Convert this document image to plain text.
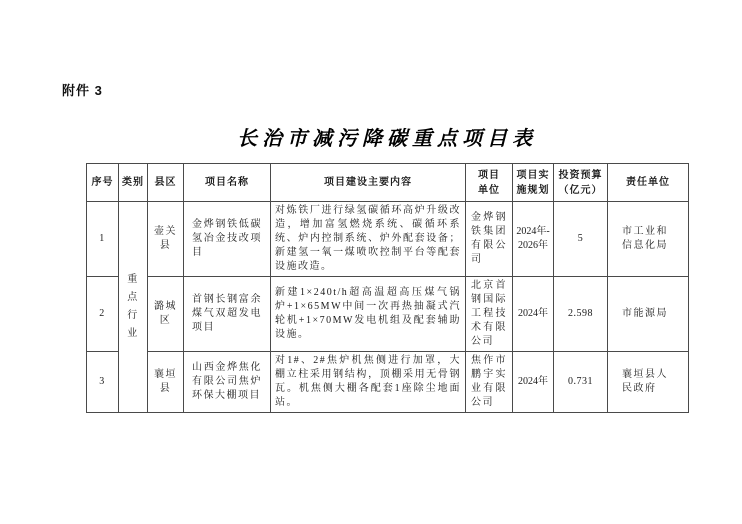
附件 3
长治市减污降碳重点项目表
序号	类别	县区	项目名称	项目建设主要内容	项目单位	项目实施规划	投资预算（亿元）	责任单位
1	重点行业	壶关县	金烨钢铁低碳氢冶金技改项目	对炼铁厂进行绿氢碳循环高炉升级改造，增加富氢燃烧系统、碳循环系统、炉内控制系统、炉外配套设备；新建氢一氧一煤喷吹控制平台等配套设施改造。	金烨钢铁集团有限公司	2024年-2026年	5	市工业和信息化局
2		潞城区	首钢长钢富余煤气双超发电项目	新建1×240t/h超高温超高压煤气锅炉+1×65MW中间一次再热抽凝式汽轮机+1×70MW发电机组及配套辅助设施。	北京首钢国际工程技术有限公司	2024年	2.598	市能源局
3		襄垣县	山西金烨焦化有限公司焦炉环保大棚项目	对1#、2#焦炉机焦侧进行加罩，大棚立柱采用钢结构，顶棚采用无骨钢瓦。机焦侧大棚各配套1座除尘地面站。	焦作市鹏宇实业有限公司	2024年	0.731	襄垣县人民政府
